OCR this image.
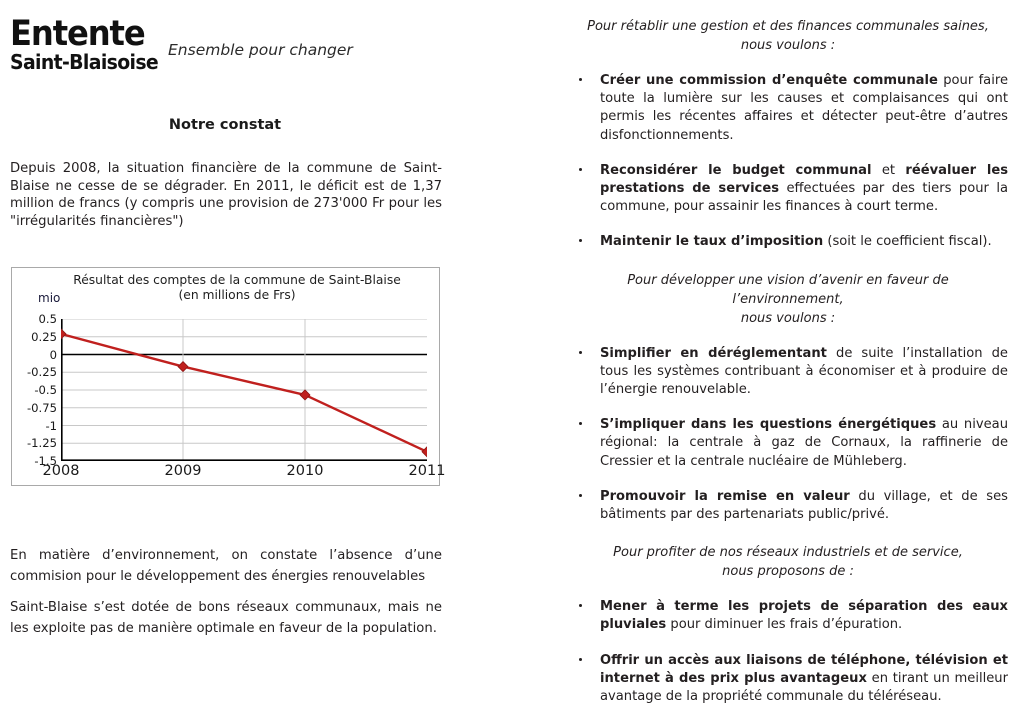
Entente
Saint-Blaisoise
Ensemble pour changer
Notre constat
Depuis 2008, la situation financière de la commune de Saint-Blaise ne cesse de se dégrader. En 2011, le déficit est de 1,37 million de francs (y compris une provision de 273'000 Fr pour les "irrégularités financières")
Résultat des comptes de la commune de Saint-Blaise
(en millions de Frs)
mio
0.5
0.25
0
-0.25
-0.5
-0.75
-1
-1.25
-1.5
2008	2009	2010	2011
En matière d’environnement, on constate l’absence d’une commision pour le développement des énergies renouvelables
Saint-Blaise s’est dotée de bons réseaux communaux, mais ne les exploite pas de manière optimale en faveur de la population.
Pour rétablir une gestion et des finances communales saines,
nous voulons :
Créer une commission d’enquête communale pour faire toute la lumière sur les causes et complaisances qui ont permis les récentes affaires et détecter peut-être d’autres disfonctionnements.
Reconsidérer le budget communal et réévaluer les prestations de services effectuées par des tiers pour la commune, pour assainir les finances à court terme.
Maintenir le taux d’imposition (soit le coefficient fiscal).
Pour développer une vision d’avenir en faveur de l’environnement,
nous voulons :
Simplifier en déréglementant de suite l’installation de tous les systèmes contribuant à économiser et à produire de l’énergie renouvelable.
S’impliquer dans les questions énergétiques au niveau régional: la centrale à gaz de Cornaux, la raffinerie de Cressier et la centrale nucléaire de Mühleberg.
Promouvoir la remise en valeur du village, et de ses bâtiments par des partenariats public/privé.
Pour profiter de nos réseaux industriels et de service,
nous proposons de :
Mener à terme les projets de séparation des eaux pluviales pour diminuer les frais d’épuration.
Offrir un accès aux liaisons de téléphone, télévision et internet à des prix plus avantageux en tirant un meilleur avantage de la propriété communale du téléréseau.
